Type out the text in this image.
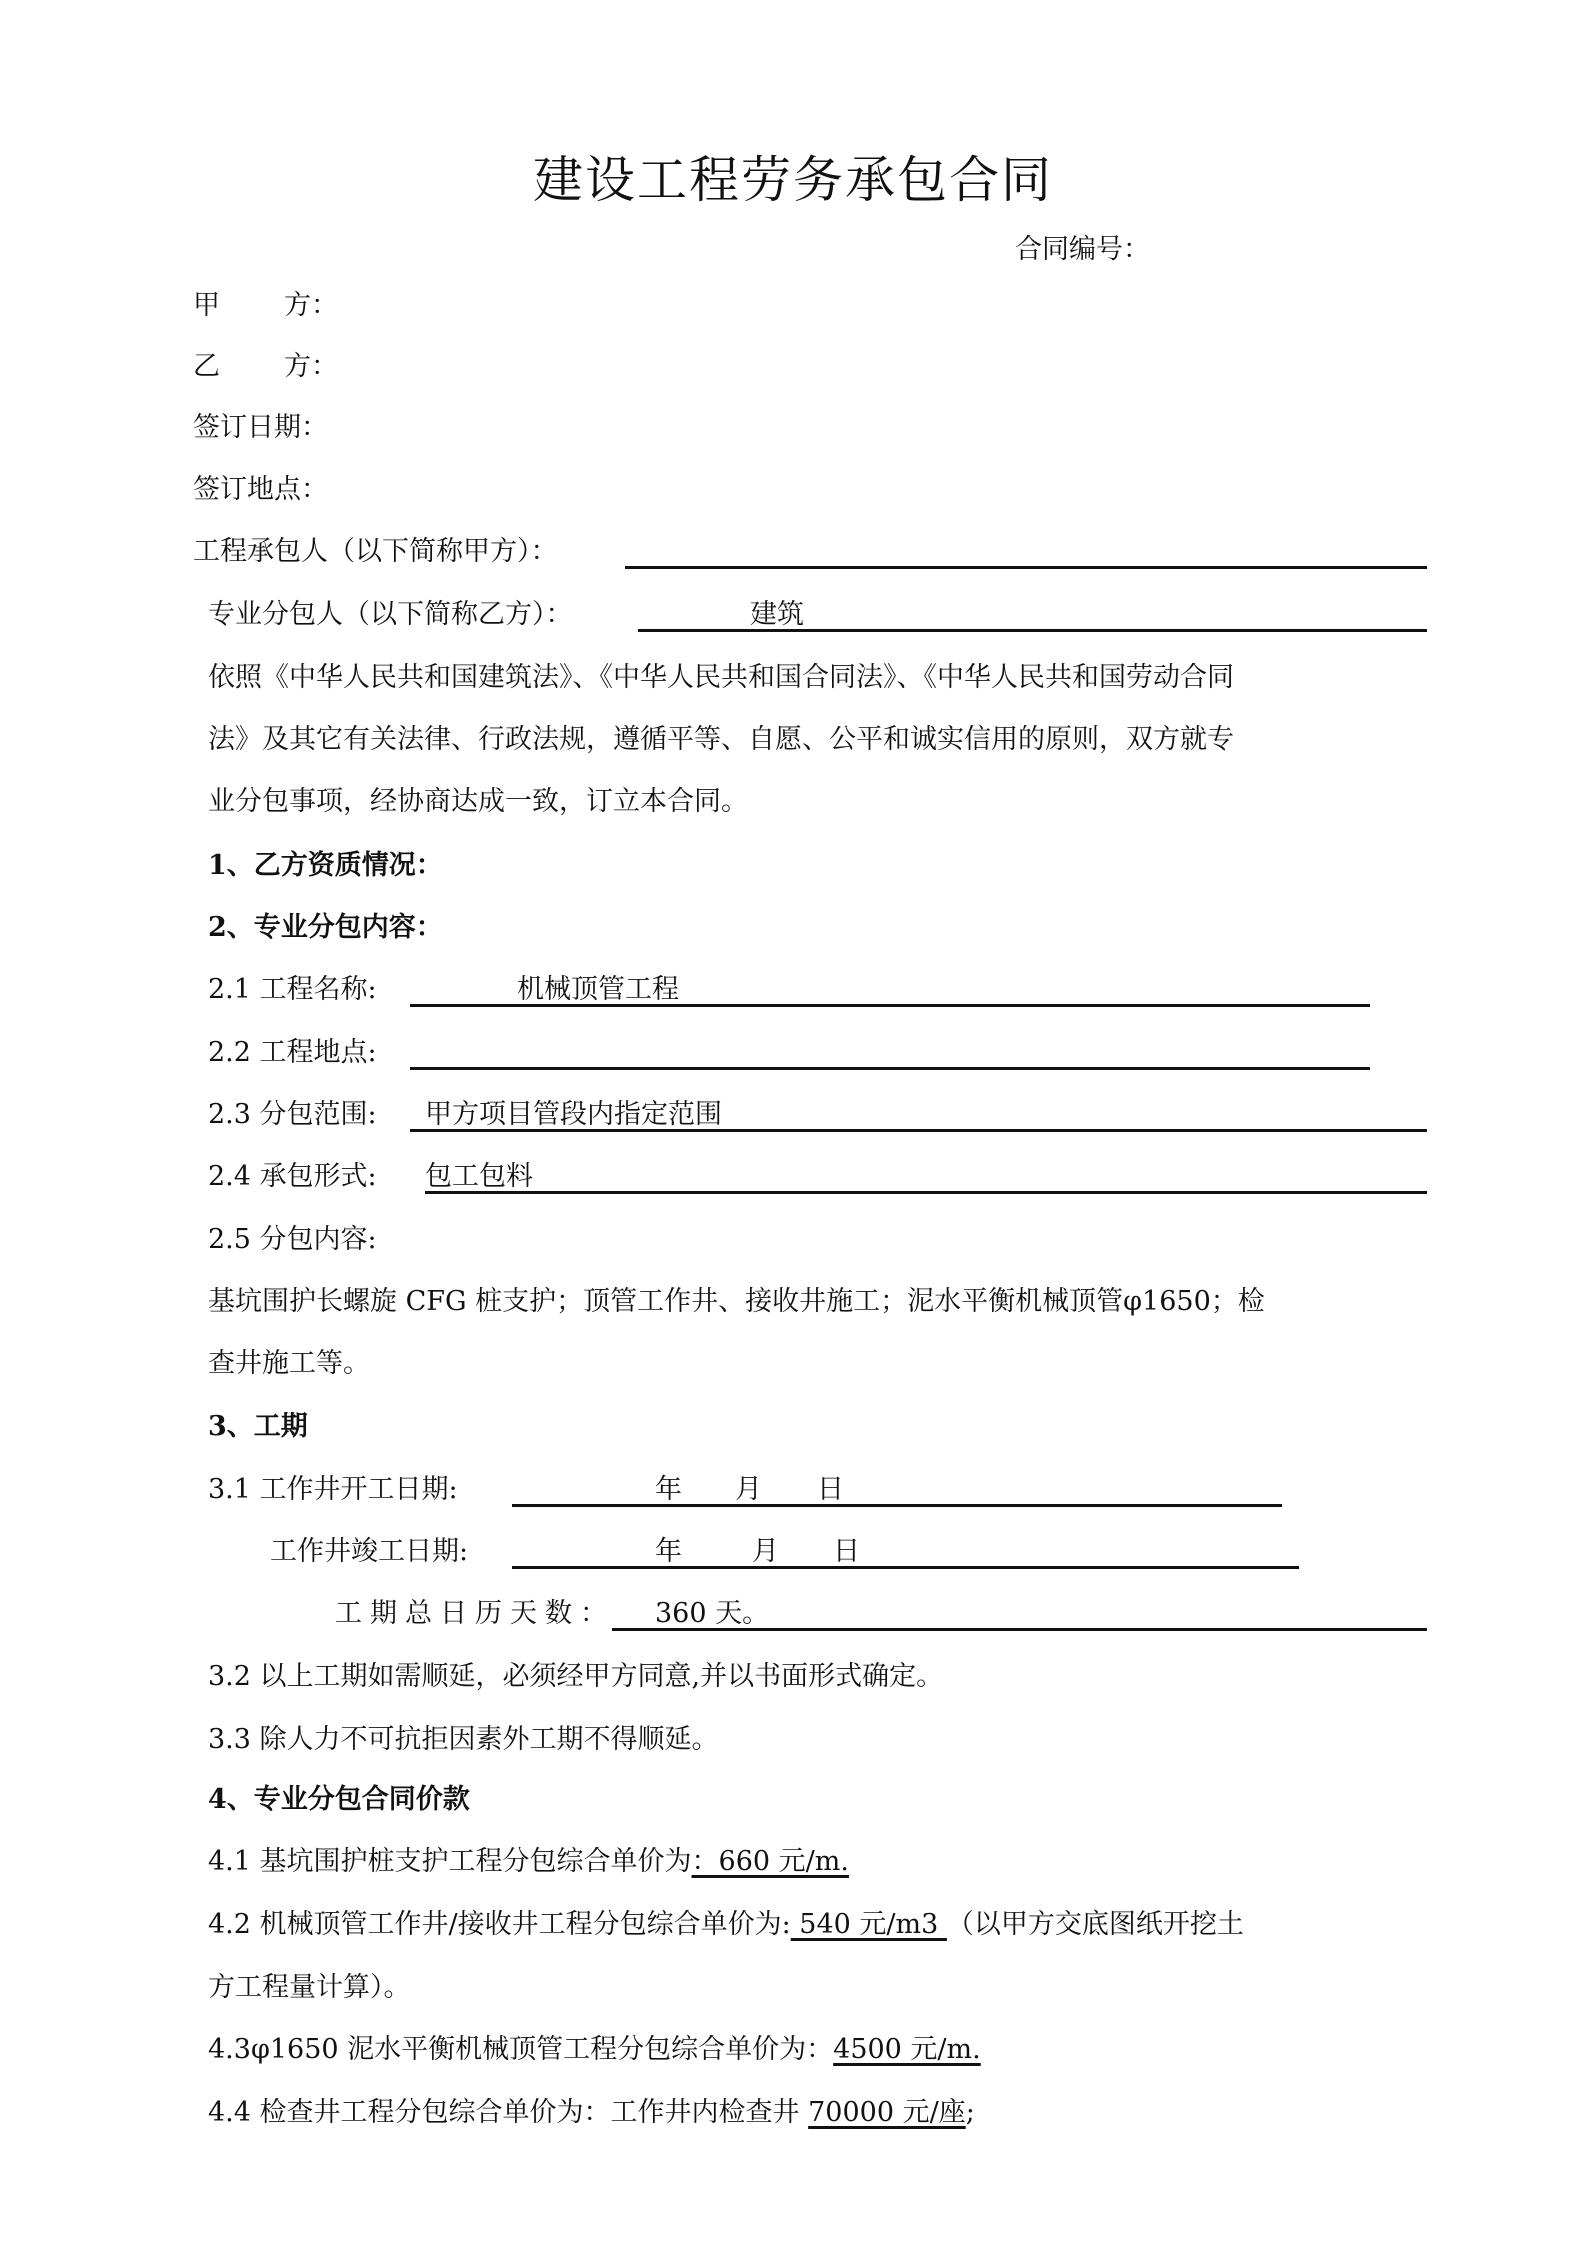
建设工程劳务承包合同
合同编号：
甲 方：
乙 方：
签订日期：
签订地点：
工程承包人（以下简称甲方）：
专业分包人（以下简称乙方）：	建筑
依照《中华人民共和国建筑法》、《中华人民共和国合同法》、《中华人民共和国劳动合同
法》及其它有关法律、行政法规，遵循平等、自愿、公平和诚实信用的原则，双方就专
业分包事项，经协商达成一致，订立本合同。
1、乙方资质情况：
2、专业分包内容：
2.1 工程名称:	机械顶管工程
2.2 工程地点:
2.3 分包范围: 甲方项目管段内指定范围
2.4 承包形式: 包工包料
2.5 分包内容:
基坑围护长螺旋 CFG 桩支护；顶管工作井、接收井施工；泥水平衡机械顶管φ1650；检
查井施工等。
3、工期
3.1 工作井开工日期:	年 月 日
工作井竣工日期:	年	月 日
工期总日历天数： 360 天。
3.2 以上工期如需顺延，必须经甲方同意,并以书面形式确定。
3.3 除人力不可抗拒因素外工期不得顺延。
4、专业分包合同价款
4.1 基坑围护桩支护工程分包综合单价为：660 元/m.
4.2 机械顶管工作井/接收井工程分包综合单价为: 540 元/m3 （以甲方交底图纸开挖土
方工程量计算）。
4.3φ1650 泥水平衡机械顶管工程分包综合单价为：4500 元/m.
4.4 检查井工程分包综合单价为：工作井内检查井 70000 元/座;
